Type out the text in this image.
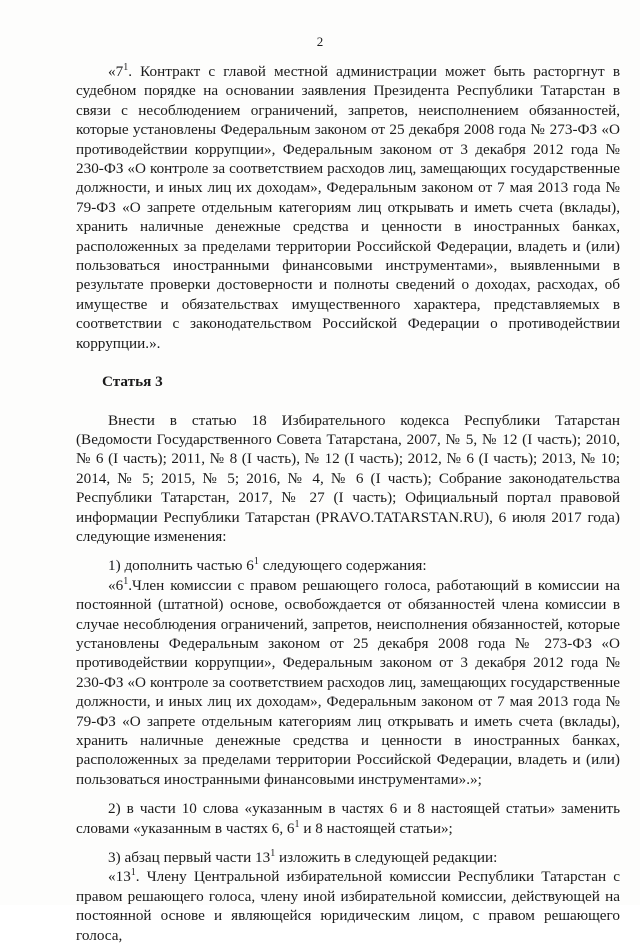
2

«$7^1$. Контракт с главой местной администрации может быть расторгнут в судебном порядке на основании заявления Президента Республики Татарстан в связи с несоблюдением ограничений, запретов, неисполнением обязанностей, которые установлены Федеральным законом от 25 декабря 2008 года № 273-ФЗ «О противодействии коррупции», Федеральным законом от 3 декабря 2012 года № 230-ФЗ «О контроле за соответствием расходов лиц, замещающих государственные должности, и иных лиц их доходам», Федеральным законом от 7 мая 2013 года № 79-ФЗ «О запрете отдельным категориям лиц открывать и иметь счета (вклады), хранить наличные денежные средства и ценности в иностранных банках, расположенных за пределами территории Российской Федерации, владеть и (или) пользоваться иностранными финансовыми инструментами», выявленными в результате проверки достоверности и полноты сведений о доходах, расходах, об имуществе и обязательствах имущественного характера, представляемых в соответствии с законодательством Российской Федерации о противодействии коррупции.».

Статья 3

Внести в статью 18 Избирательного кодекса Республики Татарстан (Ведомости Государственного Совета Татарстана, 2007, № 5, № 12 (I часть); 2010, № 6 (I часть); 2011, № 8 (I часть), № 12 (I часть); 2012, № 6 (I часть); 2013, № 10; 2014, № 5; 2015, № 5; 2016, № 4, № 6 (I часть); Собрание законодательства Республики Татарстан, 2017, № 27 (I часть); Официальный портал правовой информации Республики Татарстан (PRAVO.TATARSTAN.RU), 6 июля 2017 года) следующие изменения:

1) дополнить частью $6^1$ следующего содержания:

«$6^1.Член$ комиссии с правом решающего голоса, работающий в комиссии на постоянной (штатной) основе, освобождается от обязанностей члена комиссии в случае несоблюдения ограничений, запретов, неисполнения обязанностей, которые установлены Федеральным законом от 25 декабря 2008 года № 273-ФЗ «О противодействии коррупции», Федеральным законом от 3 декабря 2012 года № 230-ФЗ «О контроле за соответствием расходов лиц, замещающих государственные должности, и иных лиц их доходам», Федеральным законом от 7 мая 2013 года № 79-ФЗ «О запрете отдельным категориям лиц открывать и иметь счета (вклады), хранить наличные денежные средства и ценности в иностранных банках, расположенных за пределами территории Российской Федерации, владеть и (или) пользоваться иностранными финансовыми инструментами».»;

2) в части 10 слова «указанным в частях 6 и 8 настоящей статьи» заменить словами «указанным в частях 6, $6^1$ и 8 настоящей статьи»;

3) абзац первый части $13^1$ изложить в следующей редакции:

«$13^1$. Члену Центральной избирательной комиссии Республики Татарстан с правом решающего голоса, члену иной избирательной комиссии, действующей на постоянной основе и являющейся юридическим лицом, с правом решающего голоса,
